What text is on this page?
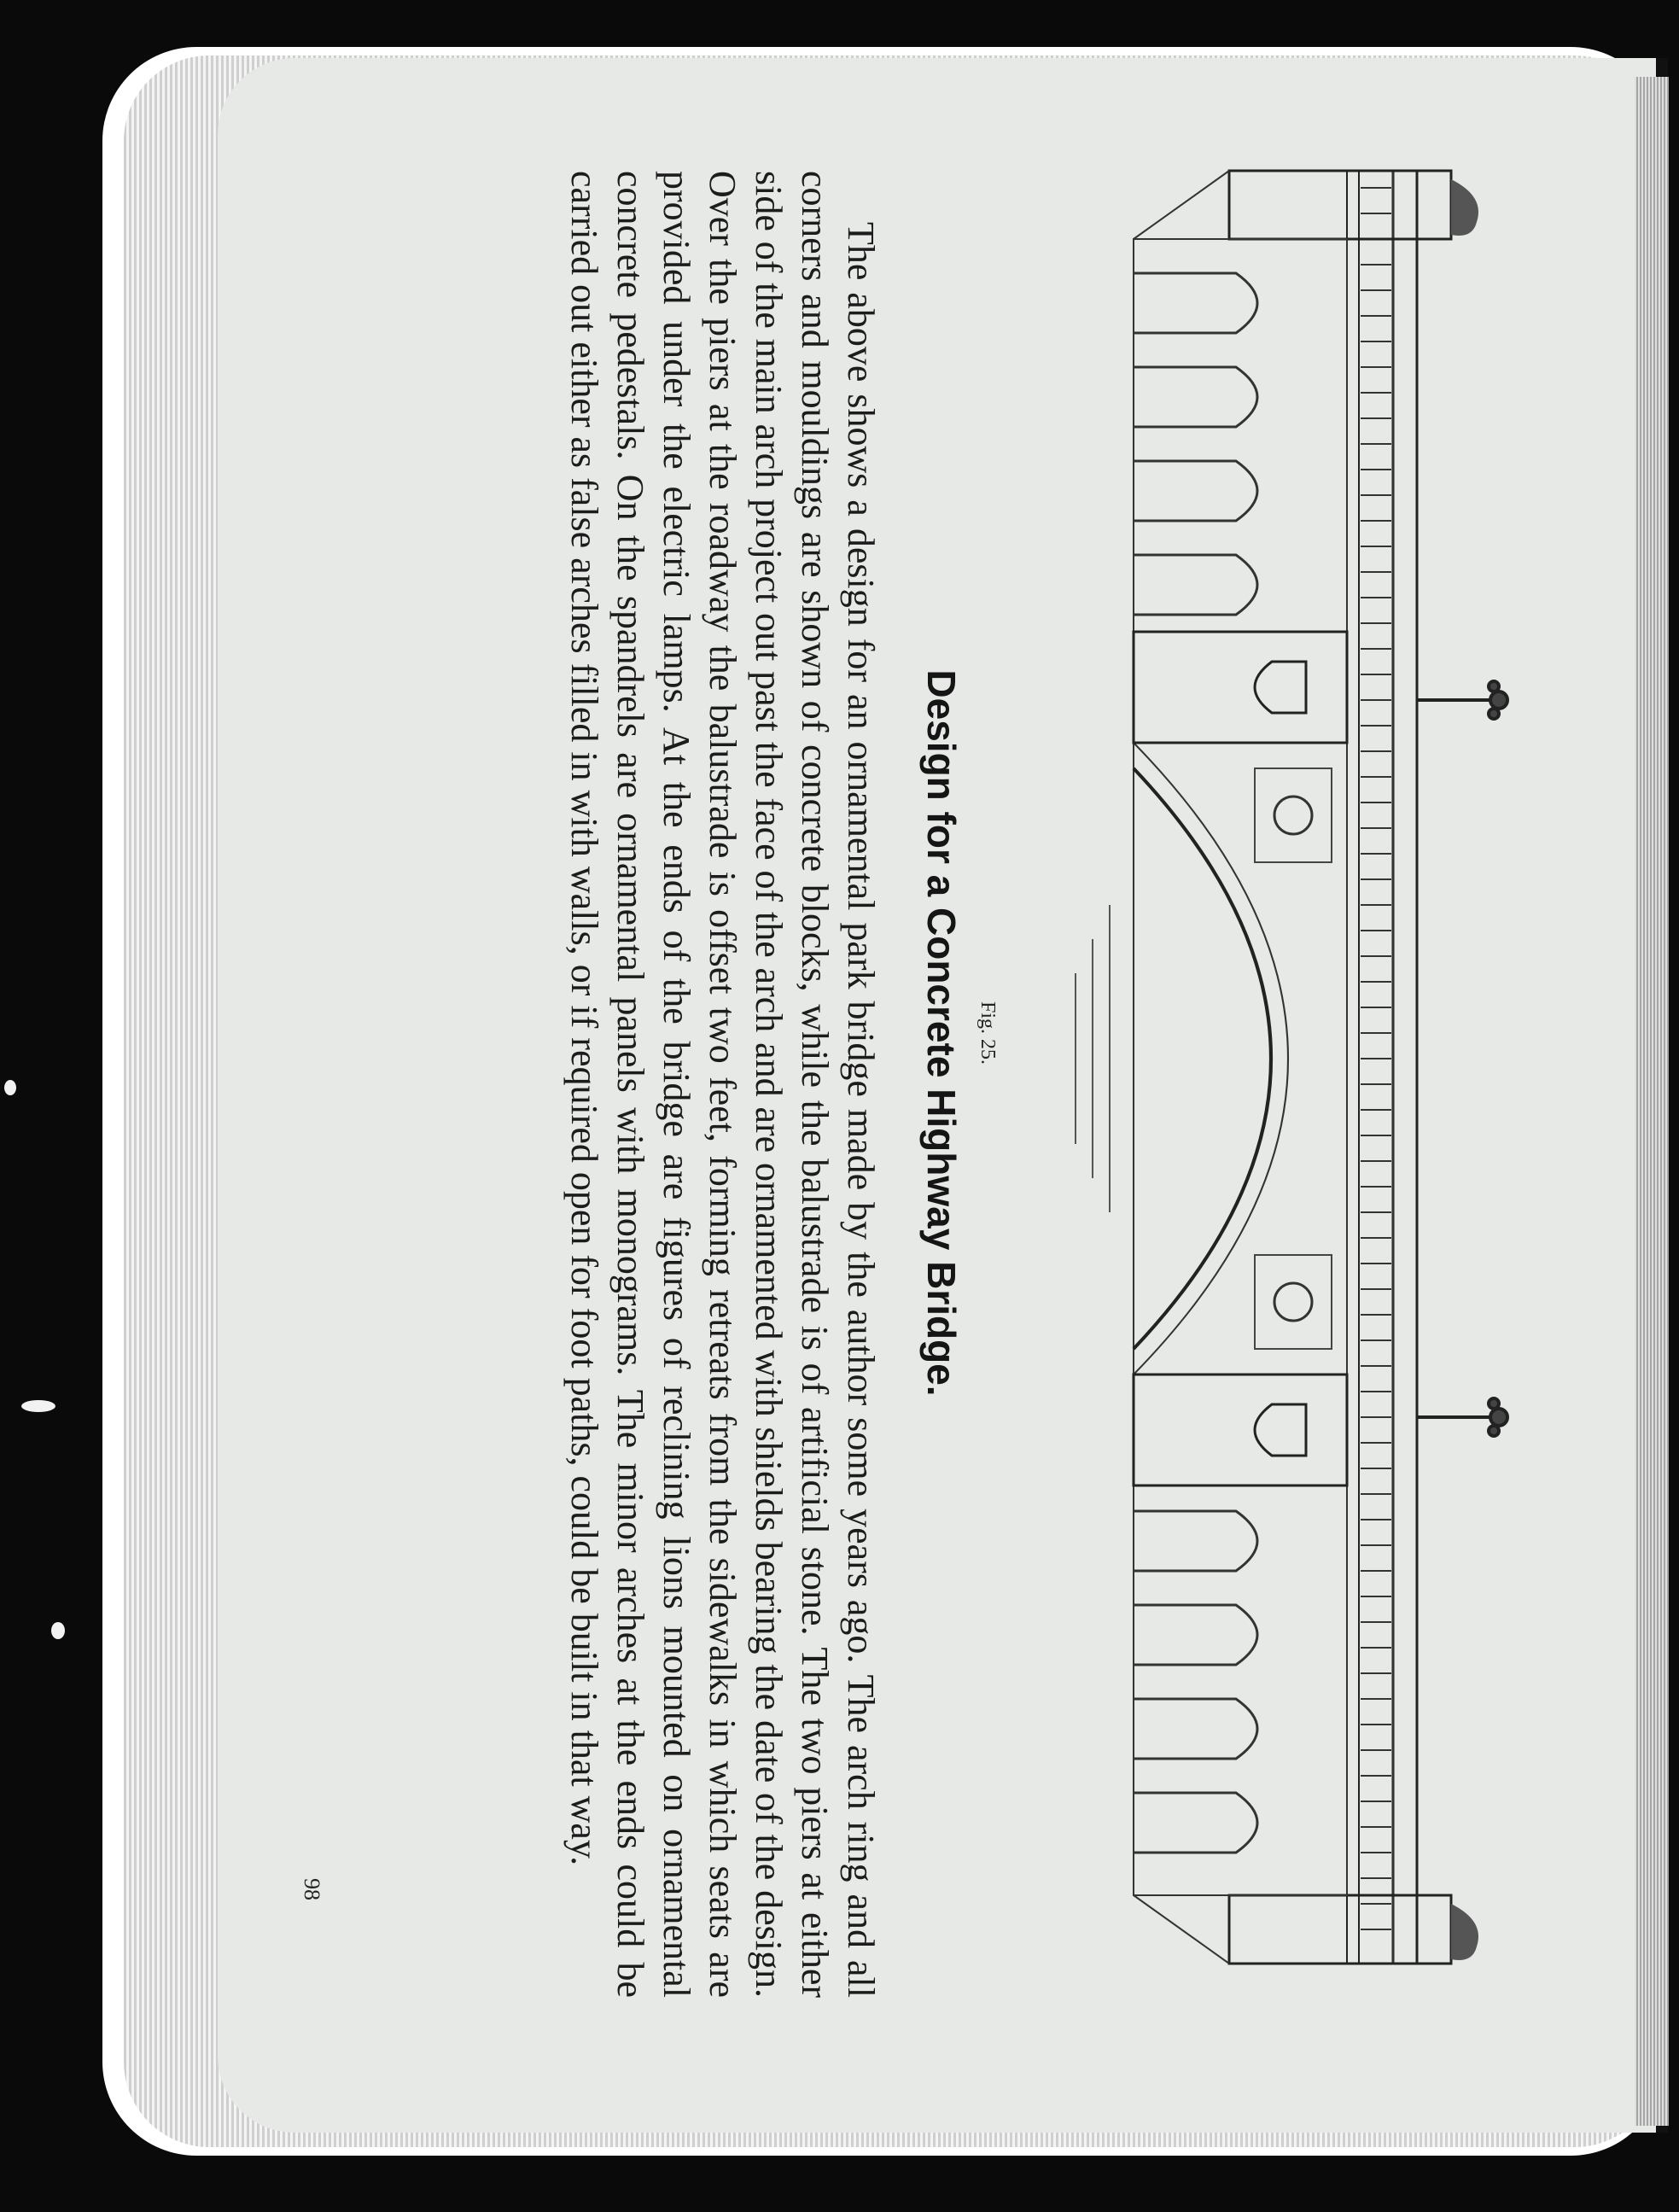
Fig. 25.
Design for a Concrete Highway Bridge.
The above shows a design for an ornamental park bridge made by the author some years ago. The arch ring and all corners and mouldings are shown of concrete blocks, while the balustrade is of artificial stone. The two piers at either side of the main arch project out past the face of the arch and are ornamented with shields bearing the date of the design. Over the piers at the roadway the balustrade is offset two feet, forming retreats from the sidewalks in which seats are provided under the electric lamps. At the ends of the bridge are figures of reclining lions mounted on ornamental concrete pedestals. On the spandrels are ornamental panels with monograms. The minor arches at the ends could be carried out either as false arches filled in with walls, or if required open for foot paths, could be built in that way.
98
